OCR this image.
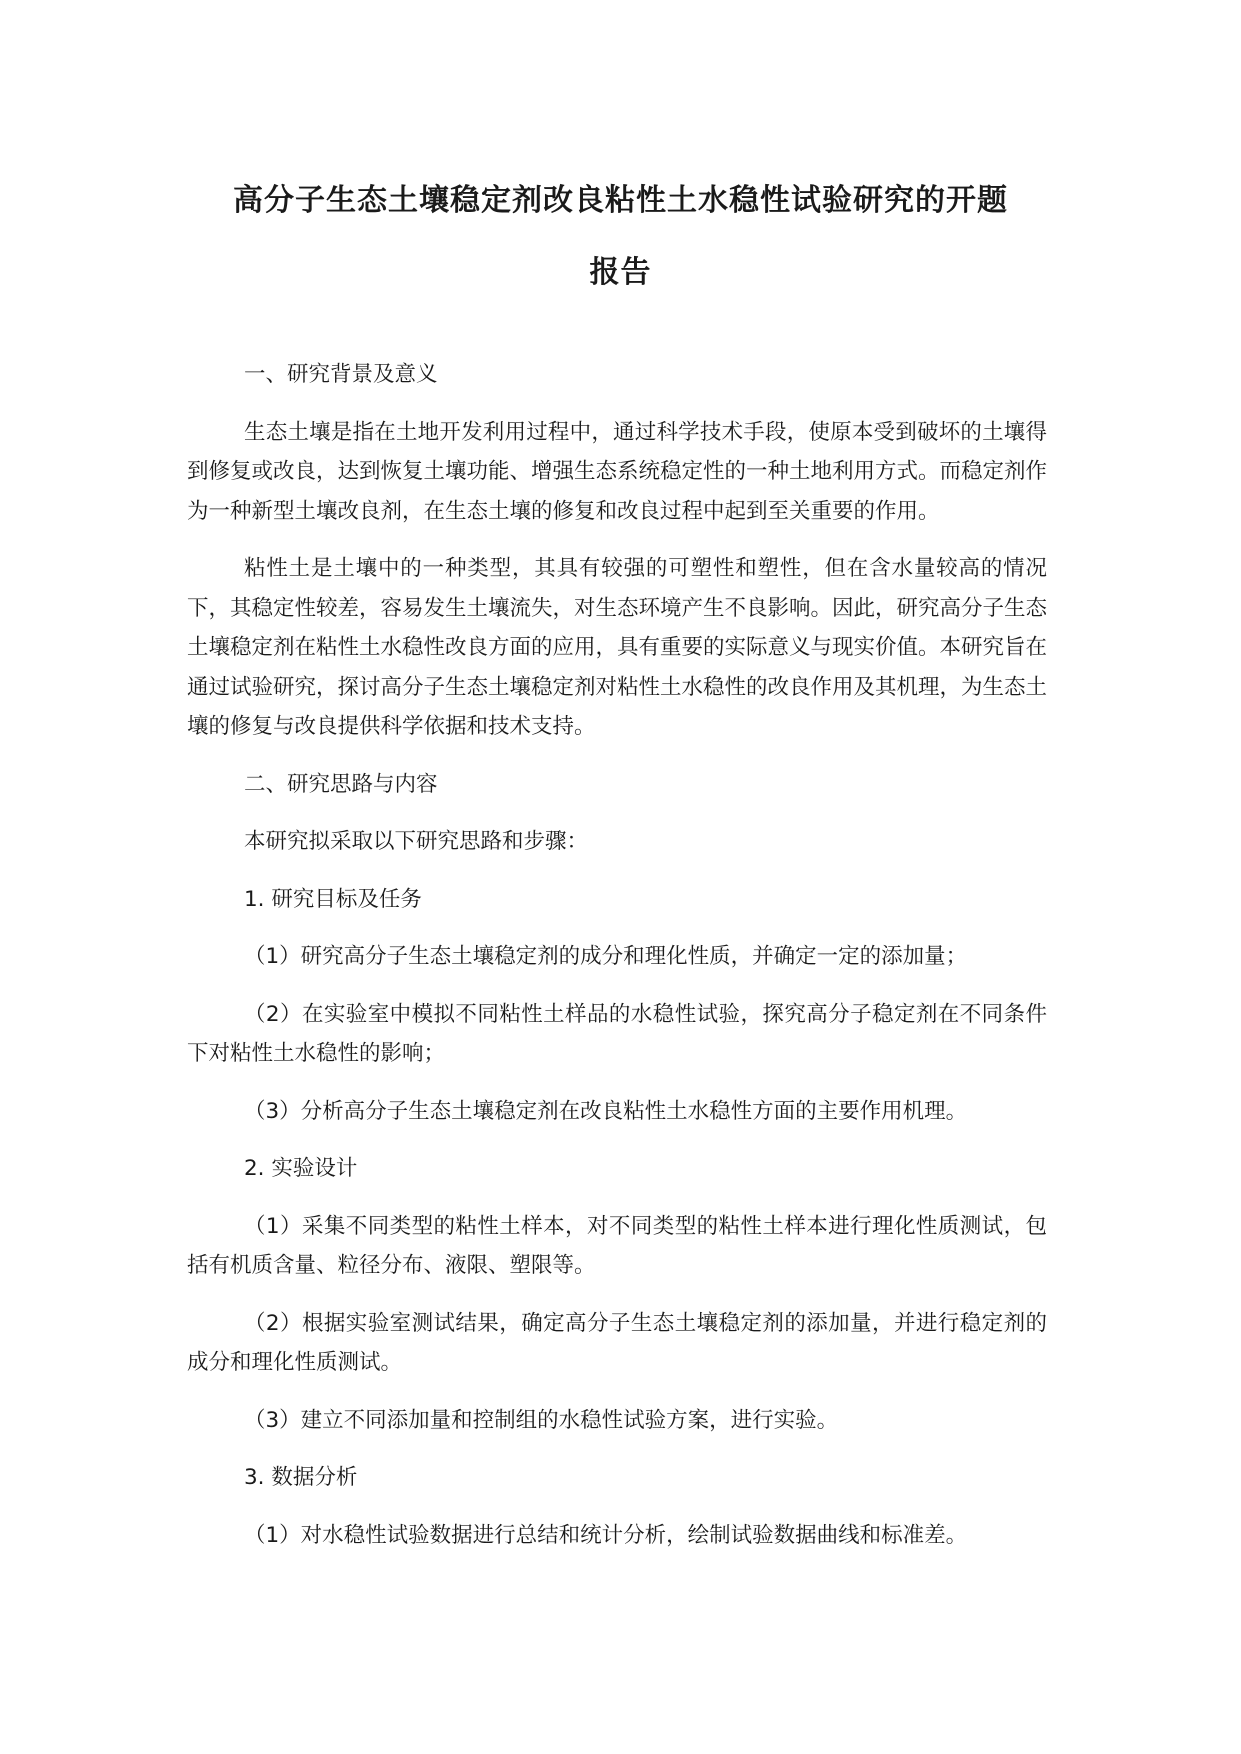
高分子生态土壤稳定剂改良粘性土水稳性试验研究的开题
报告

一、研究背景及意义

生态土壤是指在土地开发利用过程中，通过科学技术手段，使原本受到破坏的土壤得到修复或改良，达到恢复土壤功能、增强生态系统稳定性的一种土地利用方式。而稳定剂作为一种新型土壤改良剂，在生态土壤的修复和改良过程中起到至关重要的作用。

粘性土是土壤中的一种类型，其具有较强的可塑性和塑性，但在含水量较高的情况下，其稳定性较差，容易发生土壤流失，对生态环境产生不良影响。因此，研究高分子生态土壤稳定剂在粘性土水稳性改良方面的应用，具有重要的实际意义与现实价值。本研究旨在通过试验研究，探讨高分子生态土壤稳定剂对粘性土水稳性的改良作用及其机理，为生态土壤的修复与改良提供科学依据和技术支持。

二、研究思路与内容

本研究拟采取以下研究思路和步骤：

1. 研究目标及任务

（1）研究高分子生态土壤稳定剂的成分和理化性质，并确定一定的添加量；

（2）在实验室中模拟不同粘性土样品的水稳性试验，探究高分子稳定剂在不同条件下对粘性土水稳性的影响；

（3）分析高分子生态土壤稳定剂在改良粘性土水稳性方面的主要作用机理。

2. 实验设计

（1）采集不同类型的粘性土样本，对不同类型的粘性土样本进行理化性质测试，包括有机质含量、粒径分布、液限、塑限等。

（2）根据实验室测试结果，确定高分子生态土壤稳定剂的添加量，并进行稳定剂的成分和理化性质测试。

（3）建立不同添加量和控制组的水稳性试验方案，进行实验。

3. 数据分析

（1）对水稳性试验数据进行总结和统计分析，绘制试验数据曲线和标准差。
